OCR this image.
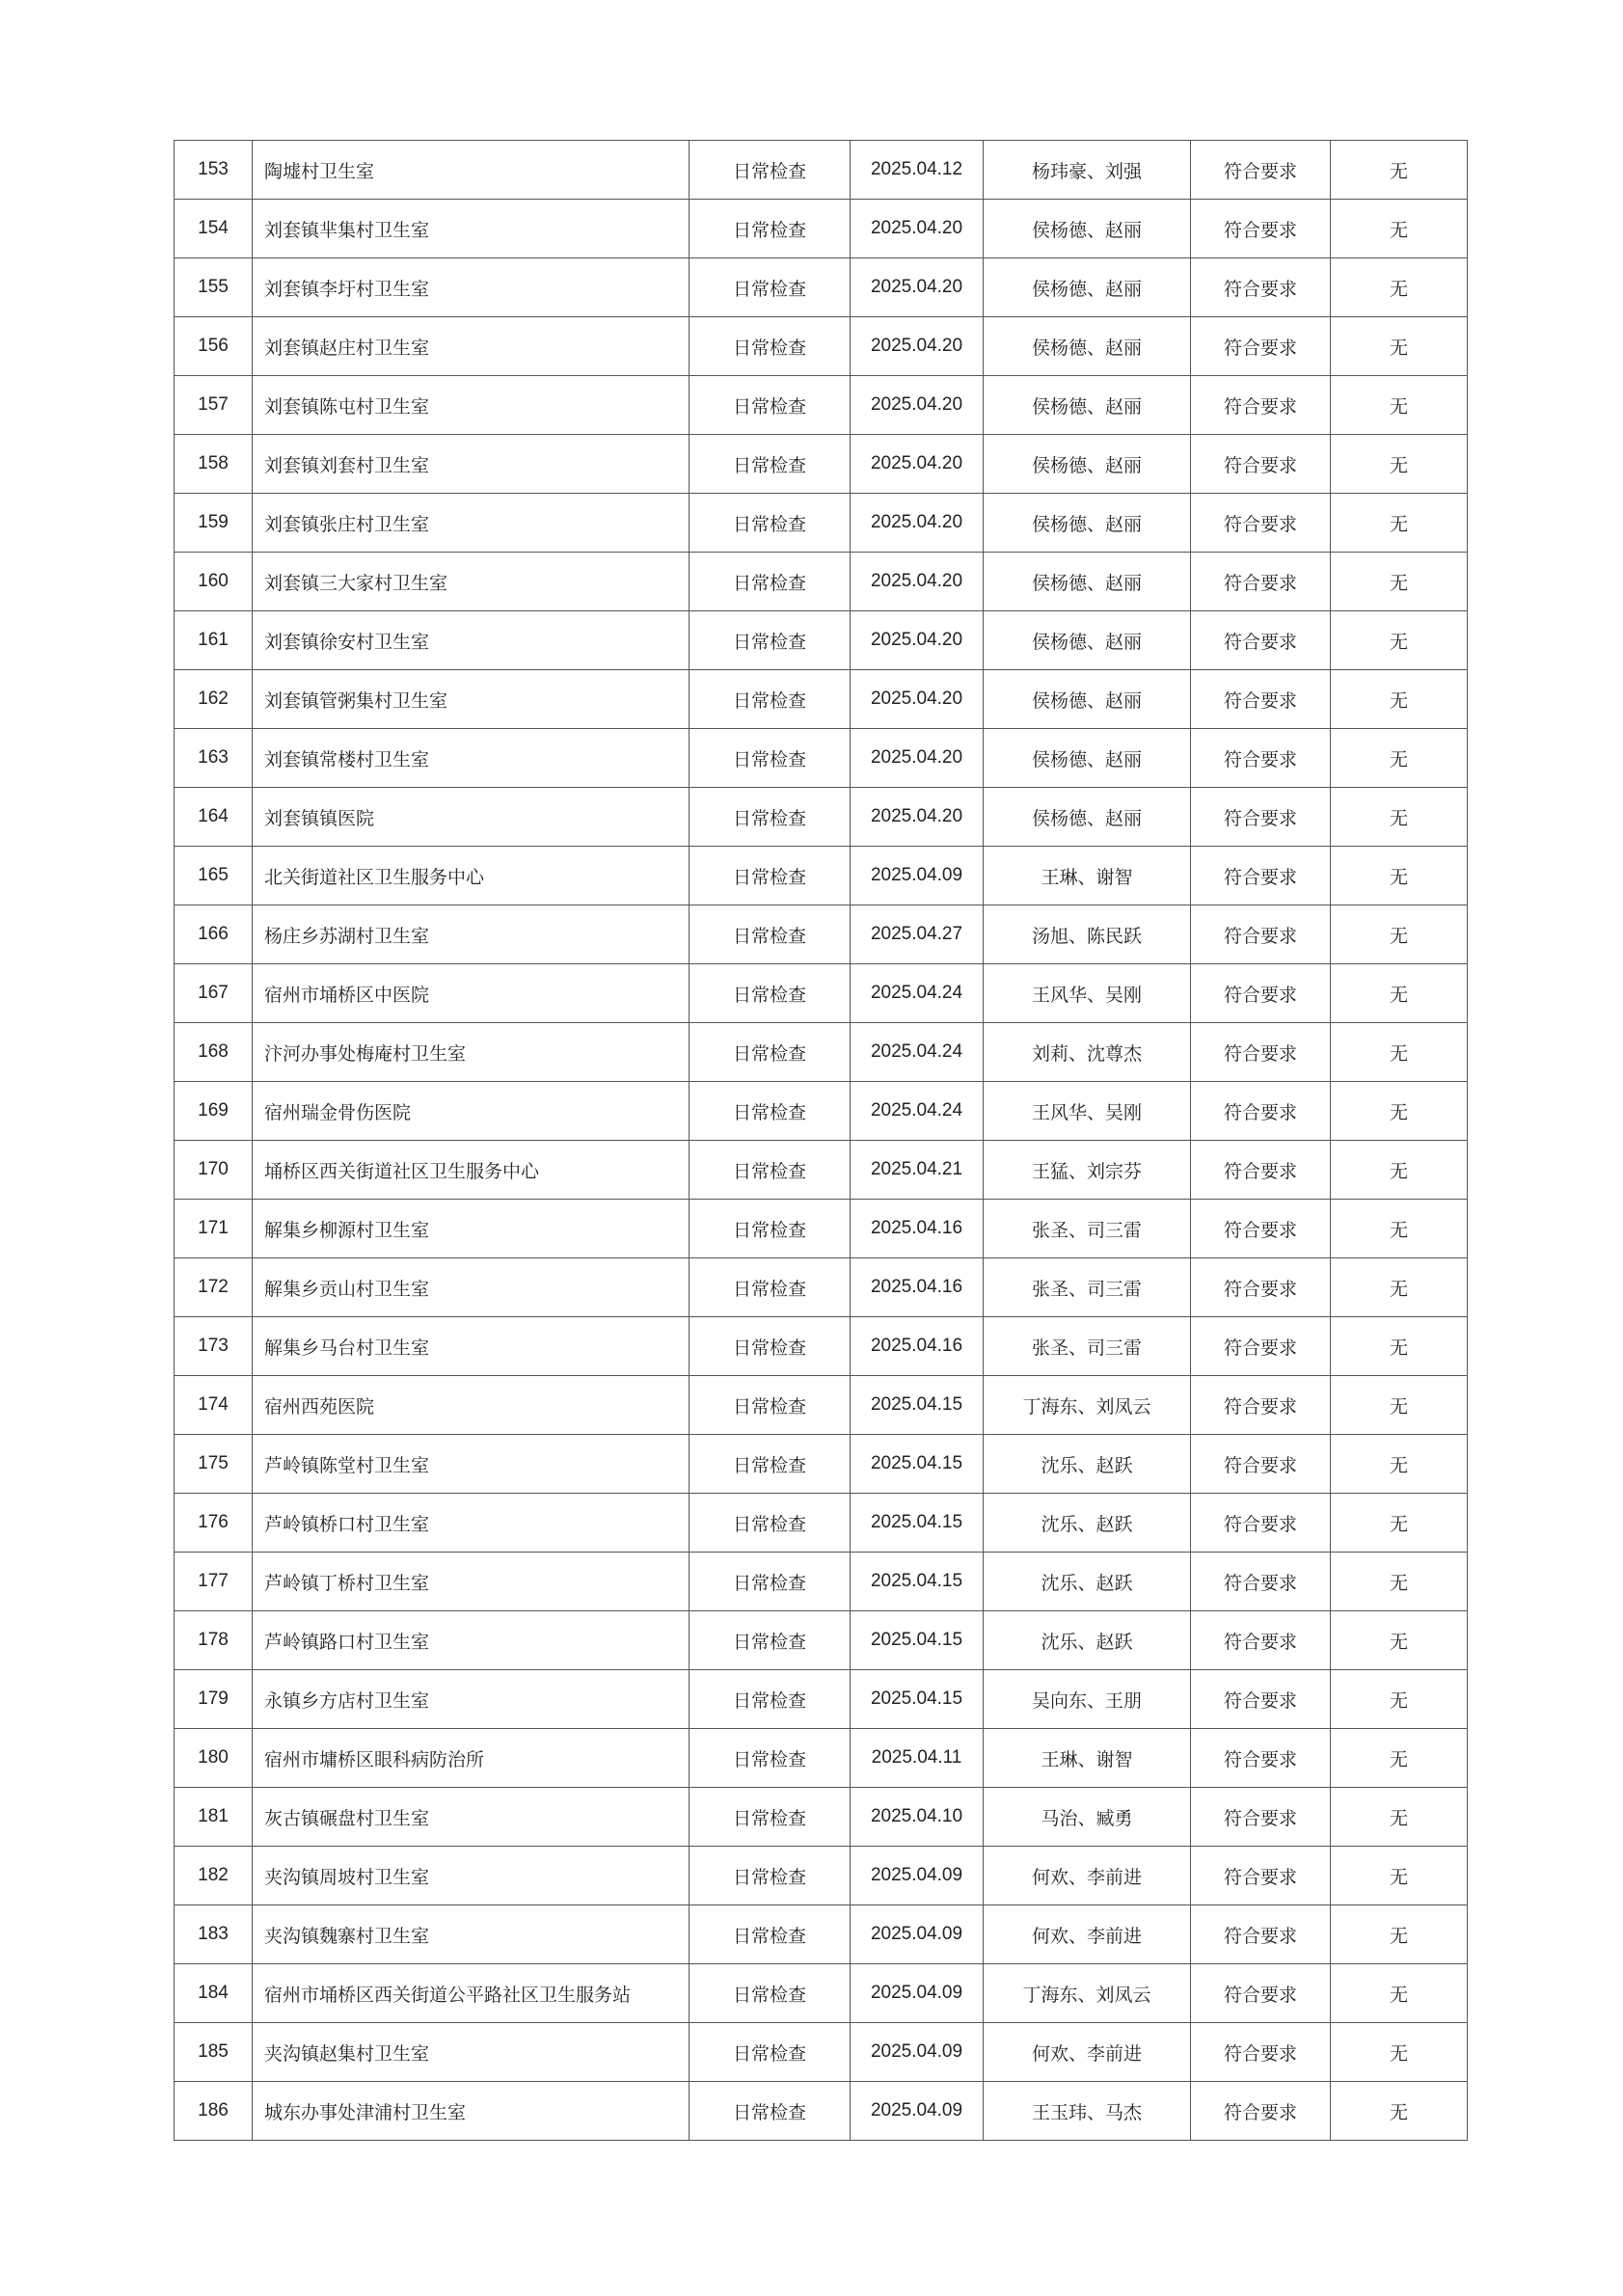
153	陶墟村卫生室	日常检查	2025.04.12	杨玮豪、刘强	符合要求	无
154	刘套镇芈集村卫生室	日常检查	2025.04.20	侯杨德、赵丽	符合要求	无
155	刘套镇李圩村卫生室	日常检查	2025.04.20	侯杨德、赵丽	符合要求	无
156	刘套镇赵庄村卫生室	日常检查	2025.04.20	侯杨德、赵丽	符合要求	无
157	刘套镇陈屯村卫生室	日常检查	2025.04.20	侯杨德、赵丽	符合要求	无
158	刘套镇刘套村卫生室	日常检查	2025.04.20	侯杨德、赵丽	符合要求	无
159	刘套镇张庄村卫生室	日常检查	2025.04.20	侯杨德、赵丽	符合要求	无
160	刘套镇三大家村卫生室	日常检查	2025.04.20	侯杨德、赵丽	符合要求	无
161	刘套镇徐安村卫生室	日常检查	2025.04.20	侯杨德、赵丽	符合要求	无
162	刘套镇管粥集村卫生室	日常检查	2025.04.20	侯杨德、赵丽	符合要求	无
163	刘套镇常楼村卫生室	日常检查	2025.04.20	侯杨德、赵丽	符合要求	无
164	刘套镇镇医院	日常检查	2025.04.20	侯杨德、赵丽	符合要求	无
165	北关街道社区卫生服务中心	日常检查	2025.04.09	王琳、谢智	符合要求	无
166	杨庄乡苏湖村卫生室	日常检查	2025.04.27	汤旭、陈民跃	符合要求	无
167	宿州市埇桥区中医院	日常检查	2025.04.24	王风华、吴刚	符合要求	无
168	汴河办事处梅庵村卫生室	日常检查	2025.04.24	刘莉、沈尊杰	符合要求	无
169	宿州瑞金骨伤医院	日常检查	2025.04.24	王风华、吴刚	符合要求	无
170	埇桥区西关街道社区卫生服务中心	日常检查	2025.04.21	王猛、刘宗芬	符合要求	无
171	解集乡柳源村卫生室	日常检查	2025.04.16	张圣、司三雷	符合要求	无
172	解集乡贡山村卫生室	日常检查	2025.04.16	张圣、司三雷	符合要求	无
173	解集乡马台村卫生室	日常检查	2025.04.16	张圣、司三雷	符合要求	无
174	宿州西苑医院	日常检查	2025.04.15	丁海东、刘凤云	符合要求	无
175	芦岭镇陈堂村卫生室	日常检查	2025.04.15	沈乐、赵跃	符合要求	无
176	芦岭镇桥口村卫生室	日常检查	2025.04.15	沈乐、赵跃	符合要求	无
177	芦岭镇丁桥村卫生室	日常检查	2025.04.15	沈乐、赵跃	符合要求	无
178	芦岭镇路口村卫生室	日常检查	2025.04.15	沈乐、赵跃	符合要求	无
179	永镇乡方店村卫生室	日常检查	2025.04.15	吴向东、王朋	符合要求	无
180	宿州市墉桥区眼科病防治所	日常检查	2025.04.11	王琳、谢智	符合要求	无
181	灰古镇碾盘村卫生室	日常检查	2025.04.10	马治、臧勇	符合要求	无
182	夹沟镇周坡村卫生室	日常检查	2025.04.09	何欢、李前进	符合要求	无
183	夹沟镇魏寨村卫生室	日常检查	2025.04.09	何欢、李前进	符合要求	无
184	宿州市埇桥区西关街道公平路社区卫生服务站	日常检查	2025.04.09	丁海东、刘凤云	符合要求	无
185	夹沟镇赵集村卫生室	日常检查	2025.04.09	何欢、李前进	符合要求	无
186	城东办事处津浦村卫生室	日常检查	2025.04.09	王玉玮、马杰	符合要求	无
